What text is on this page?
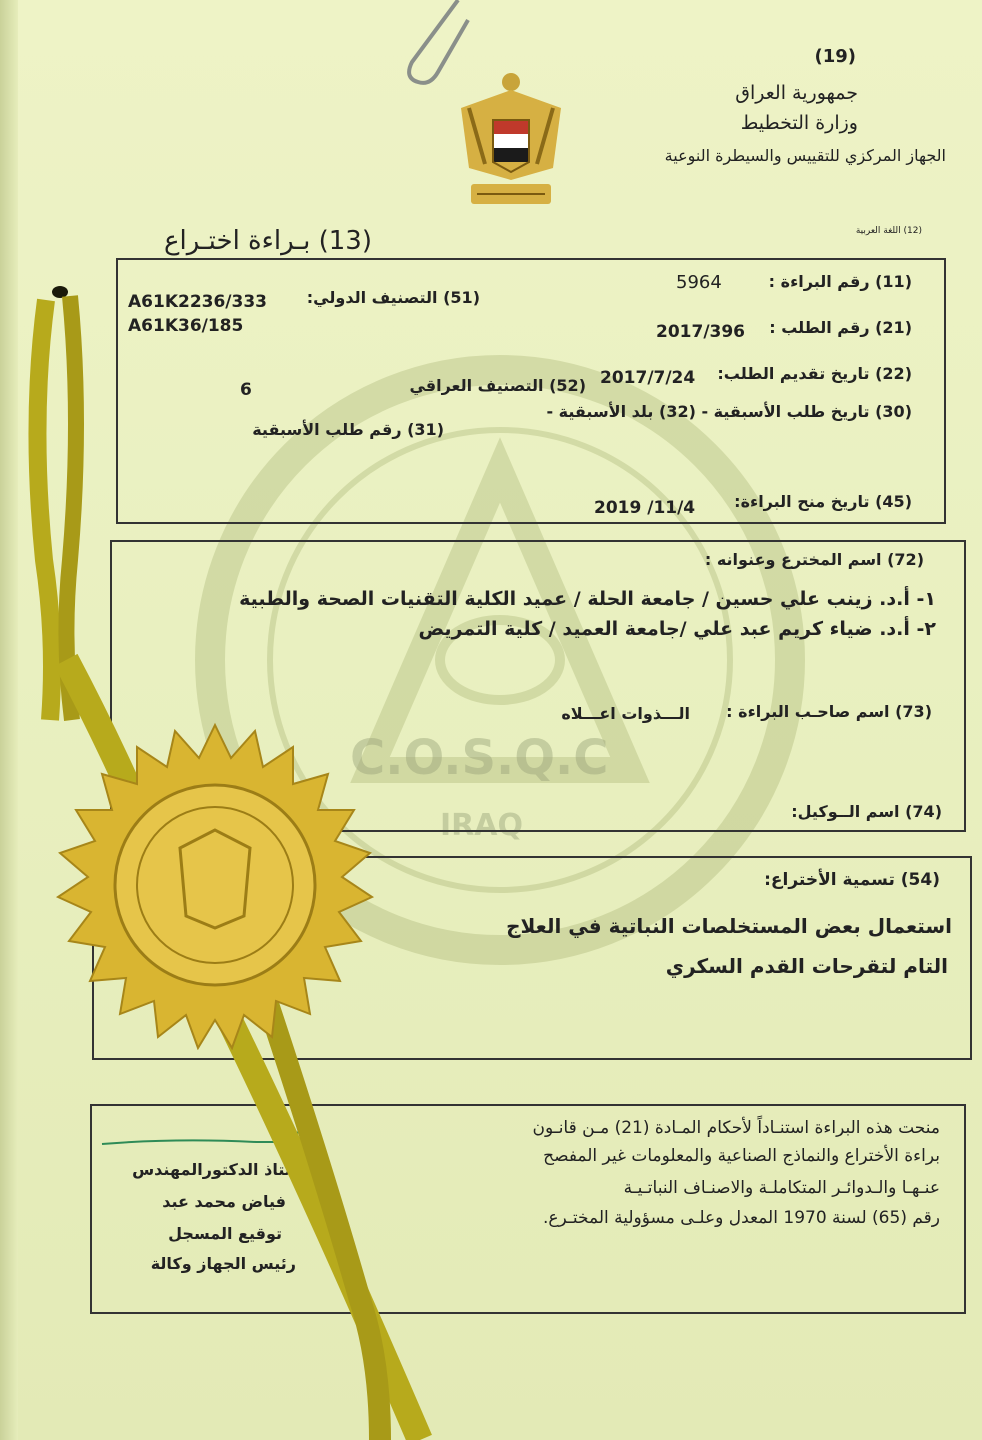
C.O.S.Q.C
IRAQ
(19)
جمهورية العراق
وزارة التخطيط
الجهاز المركزي للتقييس والسيطرة النوعية
(12) اللغة العربية
(13) بـراءة اختـراع
(11) رقم البراءة :
5964
(51) التصنيف الدولي:
A61K2236/333
A61K36/185	(21) رقم الطلب :
2017/396
(22) تاريخ تقديم الطلب:
2017/7/24
(52) التصنيف العراقي
6
(30) تاريخ طلب الأسبقية - (32) بلد الأسبقية -
(31) رقم طلب الأسبقية
(45) تاريخ منح البراءة:
2019 /11/4
(72) اسم المخترع وعنوانه :
١- أ.د. زينب علي حسين / جامعة الحلة / عميد الكلية التقنيات الصحة والطبية
٢- أ.د. ضياء كريم عبد علي /جامعة العميد / كلية التمريض
(73) اسم صاحـب البراءة :
الـــذوات اعـــلاه
(74) اسم الــوكيل:
(54) تسمية الأختراع:
استعمال بعض المستخلصات النباتية في العلاج
التام لتقرحات القدم السكري
منحت هذه البراءة استنـاداً لأحكام المـادة (21) مـن قانـون
براءة الأختراع والنماذج الصناعية والمعلومات غير المفصح
عنـهـا والـدوائـر المتكاملـة والاصنـاف النباتـيـة
رقم (65) لسنة 1970 المعدل وعلـى مسؤولية المختـرع.
الاستاذ الدكتورالمهندس
فياض محمد عبد
توقيع المسجل
رئيس الجهاز وكالة
